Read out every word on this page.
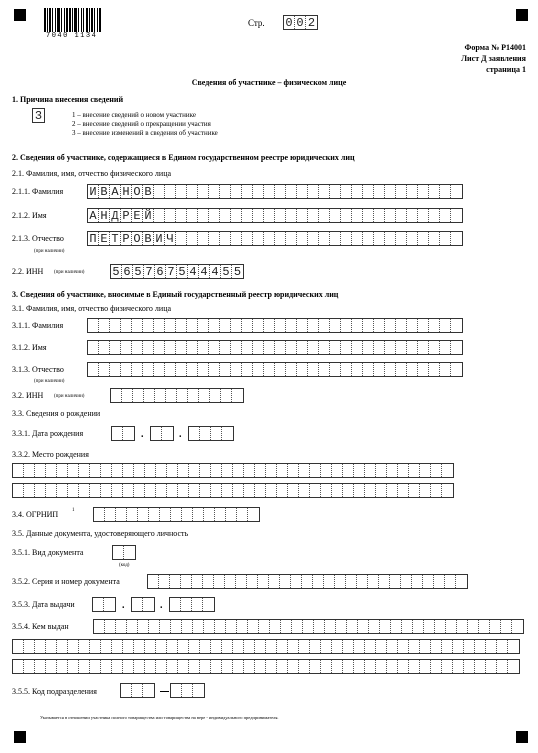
7040 1134
Стр. 0 0 2
Форма № Р14001
Лист Д заявления
страница 1
Сведения об участнике – физическом лице
1. Причина внесения сведений
3	1 – внесение сведений о новом участнике
2 – внесение сведений о прекращении участия
3 – внесение изменений в сведения об участнике
2. Сведения об участнике, содержащиеся в Едином государственном реестре юридических лиц
2.1. Фамилия, имя, отчество физического лица
2.1.1. Фамилия И В А Н О В
2.1.2. Имя	А Н Д Р Е Й
2.1.3. Отчество
(при наличии)
П Е Т Р О В И Ч
2.2. ИНН (при наличии) 5 6 5 7 6 7 5 4 4 4 5 5
3. Сведения об участнике, вносимые в Единый государственный реестр юридических лиц
3.1. Фамилия, имя, отчество физического лица
3.1.1. Фамилия
3.1.2. Имя
3.1.3. Отчество
(при наличии)
3.2. ИНН (при наличии)
3.3. Сведения о рождении
3.3.1. Дата рождения	.	.
3.3.2. Место рождения
3.4. ОГРНИП	1
3.5. Данные документа, удостоверяющего личность
3.5.1. Вид документа
(код)
3.5.2. Серия и номер документа
3.5.3. Дата выдачи	.	.
3.5.4. Кем выдан
3.5.5. Код подразделения
Указывается в отношении участника полного товарищества или товарищества на вере - индивидуального предпринимателя.
